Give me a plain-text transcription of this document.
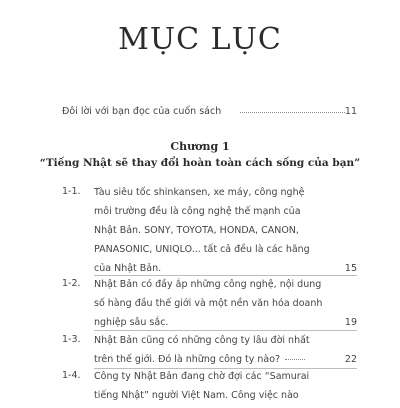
MỤC LỤC
Đôi lời với bạn đọc của cuốn sách	11
Chương 1
“Tiếng Nhật sẽ thay đổi hoàn toàn cách sống của bạn”
1-1. Tàu siêu tốc shinkansen, xe máy, công nghệ
môi trường đều là công nghệ thế mạnh của
Nhật Bản. SONY, TOYOTA, HONDA, CANON,
PANASONIC, UNIQLO... tất cả đều là các hãng
của Nhật Bản.	15
1-2. Nhật Bản có đầy ắp những công nghệ, nội dung
số hàng đầu thế giới và một nền văn hóa doanh
nghiệp sâu sắc.	19
1-3. Nhật Bản cũng có những công ty lâu đời nhất
trên thế giới. Đó là những công ty nào?	22
1-4. Công ty Nhật Bản đang chờ đợi các “Samurai
tiếng Nhật” người Việt Nam. Công việc nào
